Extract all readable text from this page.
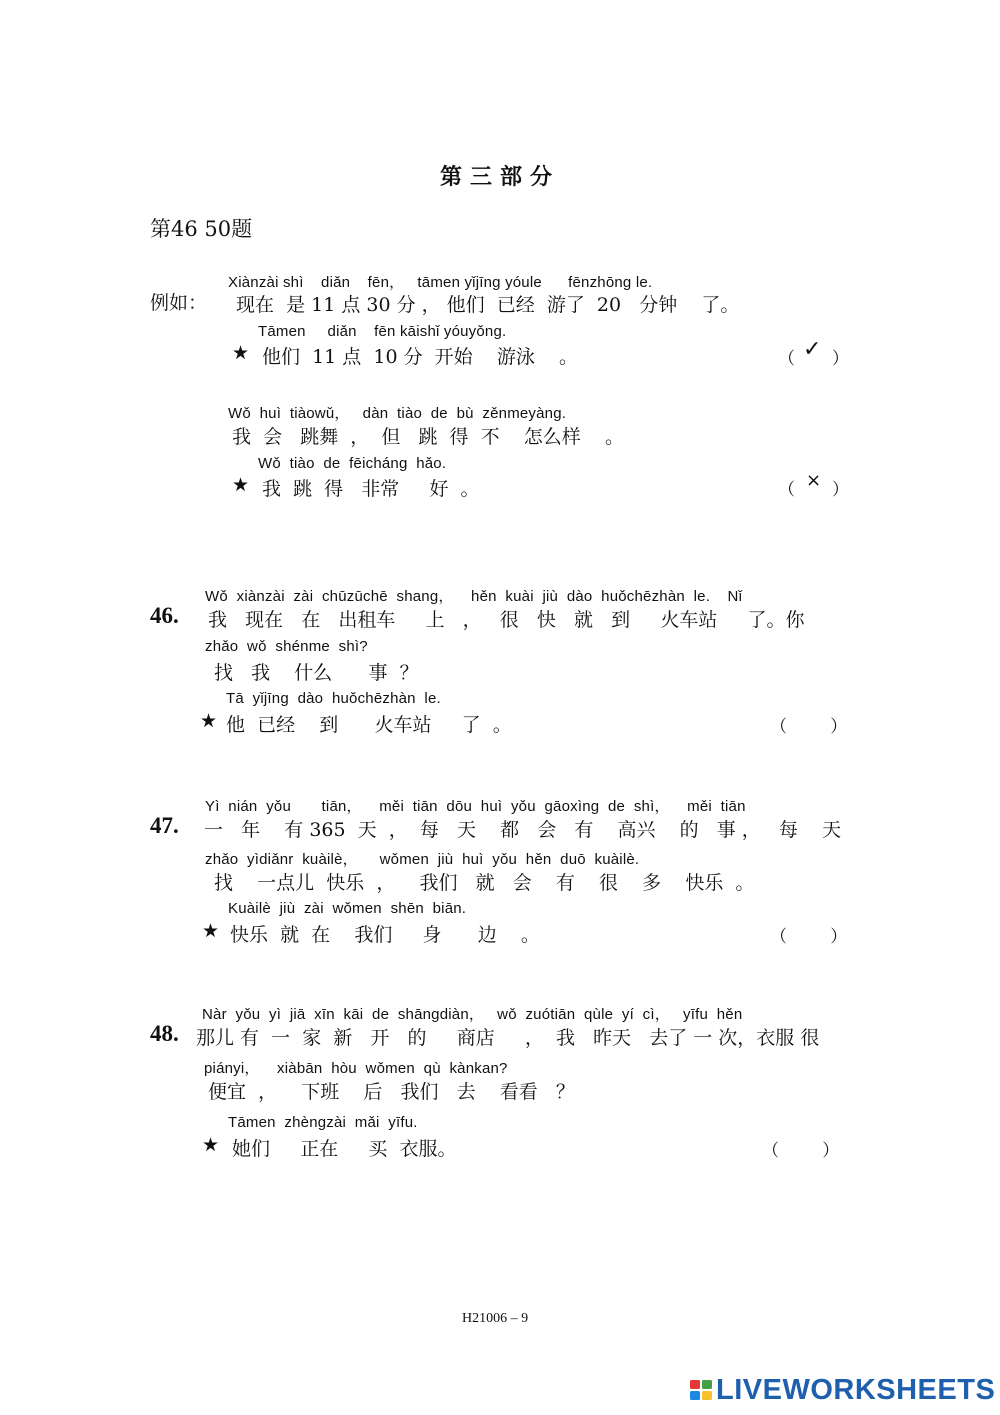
第三部分
第46 50题
Xiànzài shì    diǎn    fēn，   tāmen yǐjīng yóule      fēnzhōng le.
例如： 现在  是 11 点 30 分 ， 他们  已经  游了  20   分钟    了。
Tāmen     diǎn    fēn kāishǐ yóuyǒng.
★ 他们  11 点  10 分  开始    游泳    。	（ ✓ ）
Wǒ  huì  tiàowǔ，   dàn  tiào  de  bù  zěnmeyàng.
我  会   跳舞  ，  但   跳  得  不    怎么样    。
Wǒ  tiào  de  fēicháng  hǎo.
★ 我  跳  得   非常     好  。	（ × ）
Wǒ  xiànzài  zài  chūzūchē  shang，    hěn  kuài  jiù  dào  huǒchēzhàn  le.    Nǐ
46. 我   现在   在   出租车     上   ，   很   快   就   到     火车站     了。你
zhǎo  wǒ  shénme  shì?
找   我    什么      事  ？
Tā  yǐjīng  dào  huǒchēzhàn  le.
★ 他  已经    到      火车站     了  。	（        ）
Yì  nián  yǒu       tiān，    měi  tiān  dōu  huì  yǒu  gāoxìng  de  shì，    měi  tiān
47. 一   年    有 365  天  ，  每   天    都   会   有    高兴    的   事 ，   每    天
zhǎo  yìdiǎnr  kuàilè，     wǒmen  jiù  huì  yǒu  hěn  duō  kuàilè.
找    一点儿  快乐  ，    我们   就   会    有    很    多    快乐  。
Kuàilè  jiù  zài  wǒmen  shēn  biān.
★ 快乐  就  在    我们     身      边    。	（        ）
Nàr  yǒu  yì  jiā  xīn  kāi  de  shāngdiàn，   wǒ  zuótiān  qùle  yí  cì，   yīfu  hěn
48. 那儿 有  一  家  新   开   的     商店     ，  我   昨天   去了 一 次，衣服 很
piányi，    xiàbān  hòu  wǒmen  qù  kànkan?
便宜  ，    下班    后   我们   去    看看   ？
Tāmen  zhèngzài  mǎi  yīfu.
★ 她们     正在     买  衣服。	（        ）
H21006 – 9
LIVEWORKSHEETS
